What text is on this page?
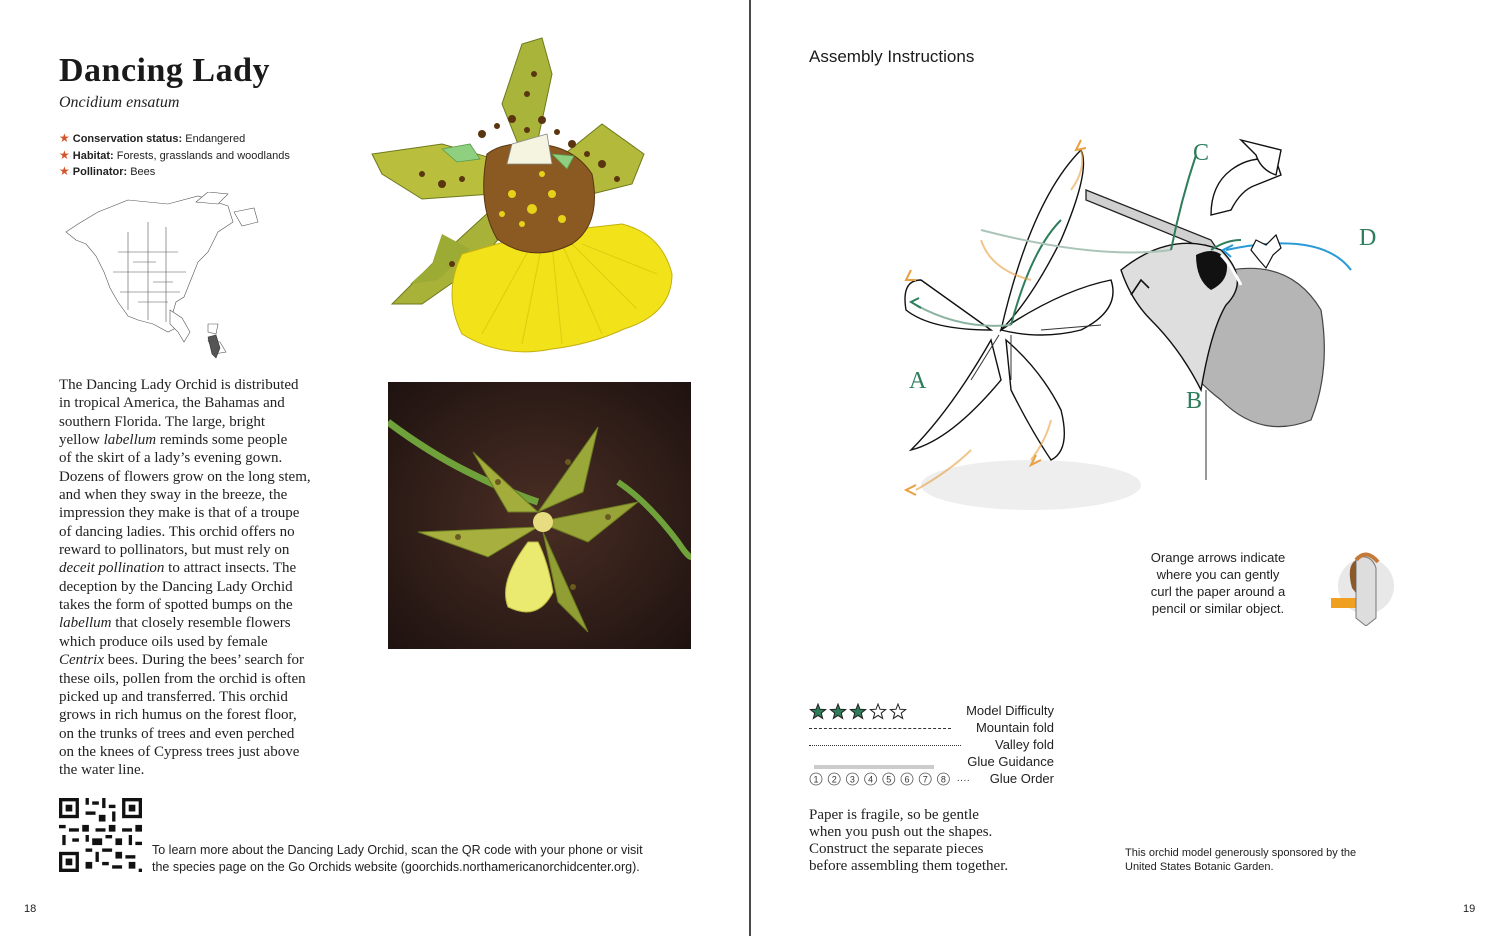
Dancing Lady
Oncidium ensatum
★ Conservation status: Endangered
★ Habitat: Forests, grasslands and woodlands
★ Pollinator: Bees
The Dancing Lady Orchid is distributed
in tropical America, the Bahamas and
southern Florida. The large, bright
yellow labellum reminds some people
of the skirt of a lady’s evening gown.
Dozens of flowers grow on the long stem,
and when they sway in the breeze, the
impression they make is that of a troupe
of dancing ladies. This orchid offers no
reward to pollinators, but must rely on
deceit pollination to attract insects. The
deception by the Dancing Lady Orchid
takes the form of spotted bumps on the
labellum that closely resemble flowers
which produce oils used by female
Centrix bees. During the bees’ search for
these oils, pollen from the orchid is often
picked up and transferred. This orchid
grows in rich humus on the forest floor,
on the trunks of trees and even perched
on the knees of Cypress trees just above
the water line.
To learn more about the Dancing Lady Orchid, scan the QR code with your phone or visit
the species page on the Go Orchids website (goorchids.northamericanorchidcenter.org).
18
Assembly Instructions
C
D
A
B
Orange arrows indicate
where you can gently
curl the paper around a
pencil or similar object.
Model Difficulty
Mountain fold
Valley fold
Glue Guidance
1 2 3 4 5 6 7 8 ···· Glue Order
Paper is fragile, so be gentle
when you push out the shapes.
Construct the separate pieces
before assembling them together.
This orchid model generously sponsored by the
United States Botanic Garden.
19
